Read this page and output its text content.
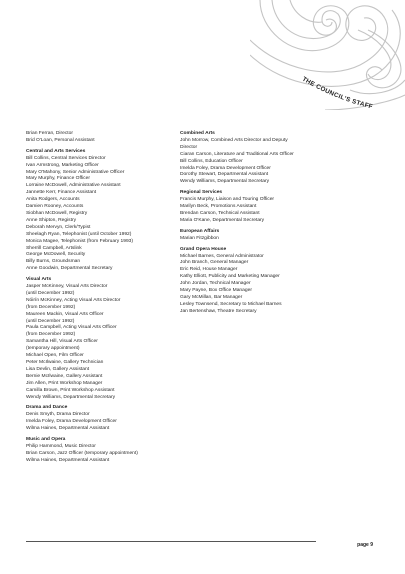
THE COUNCIL'S STAFF
Brian Ferran, Director
Brid O'Loan, Personal Assistant
Central and Arts Services
Bill Collins, Central Services Director
Ivan Armstrong, Marketing Officer
Mary O'Mahony, Senior Administrative Officer
Mary Murphy, Finance Officer
Lorraine McDowell, Administrative Assistant
Jannette Kerr, Finance Assistant
Anita Rodgers, Accounts
Damien Rooney, Accounts
Siobhan McDowell, Registry
Anne Shipton, Registry
Deborah Mervyn, Clerk/Typist
Sheelagh Ryan, Telephonist (until October 1992)
Monica Magee, Telephonist (from February 1993)
Sherrill Campbell, Artslink
George McDowell, Security
Billy Burns, Groundsman
Anne Goodwin, Departmental Secretary
Visual Arts
Jasper McKinney, Visual Arts Director
(until December 1992)
Nóirín McKinney, Acting Visual Arts Director
(from December 1992)
Maureen Mackin, Visual Arts Officer
(until December 1992)
Paula Campbell, Acting Visual Arts Officer
(from December 1992)
Samantha Hill, Visual Arts Officer
(temporary appointment)
Michael Open, Film Officer
Peter McIlwaine, Gallery Technician
Lisa Devlin, Gallery Assistant
Bernie McIlwaine, Gallery Assistant
Jim Allen, Print Workshop Manager
Camilla Brown, Print Workshop Assistant
Wendy Williams, Departmental Secretary
Drama and Dance
Denis Smyth, Drama Director
Imelda Foley, Drama Development Officer
Wilma Haines, Departmental Assistant
Music and Opera
Philip Hammond, Music Director
Brian Carson, Jazz Officer (temporary appointment)
Wilma Haines, Departmental Assistant
Combined Arts
John Morrow, Combined Arts Director and Deputy
Director
Ciaran Carson, Literature and Traditional Arts Officer
Bill Collins, Education Officer
Imelda Foley, Drama Development Officer
Dorothy Stewart, Departmental Assistant
Wendy Williams, Departmental Secretary
Regional Services
Francis Murphy, Liaison and Touring Officer
Marilyn Beck, Promotions Assistant
Brendan Carson, Technical Assistant
Maria O'Kane, Departmental Secretary
European Affairs
Marian Fitzgibbon
Grand Opera House
Michael Barnes, General Administrator
John Branch, General Manager
Eric Reid, House Manager
Kathy Elliott, Publicity and Marketing Manager
John Jordan, Technical Manager
Mary Payne, Box Office Manager
Gary McMillan, Bar Manager
Lesley Townsend, Secretary to Michael Barnes
Jan Bertenshaw, Theatre Secretary
page 9
